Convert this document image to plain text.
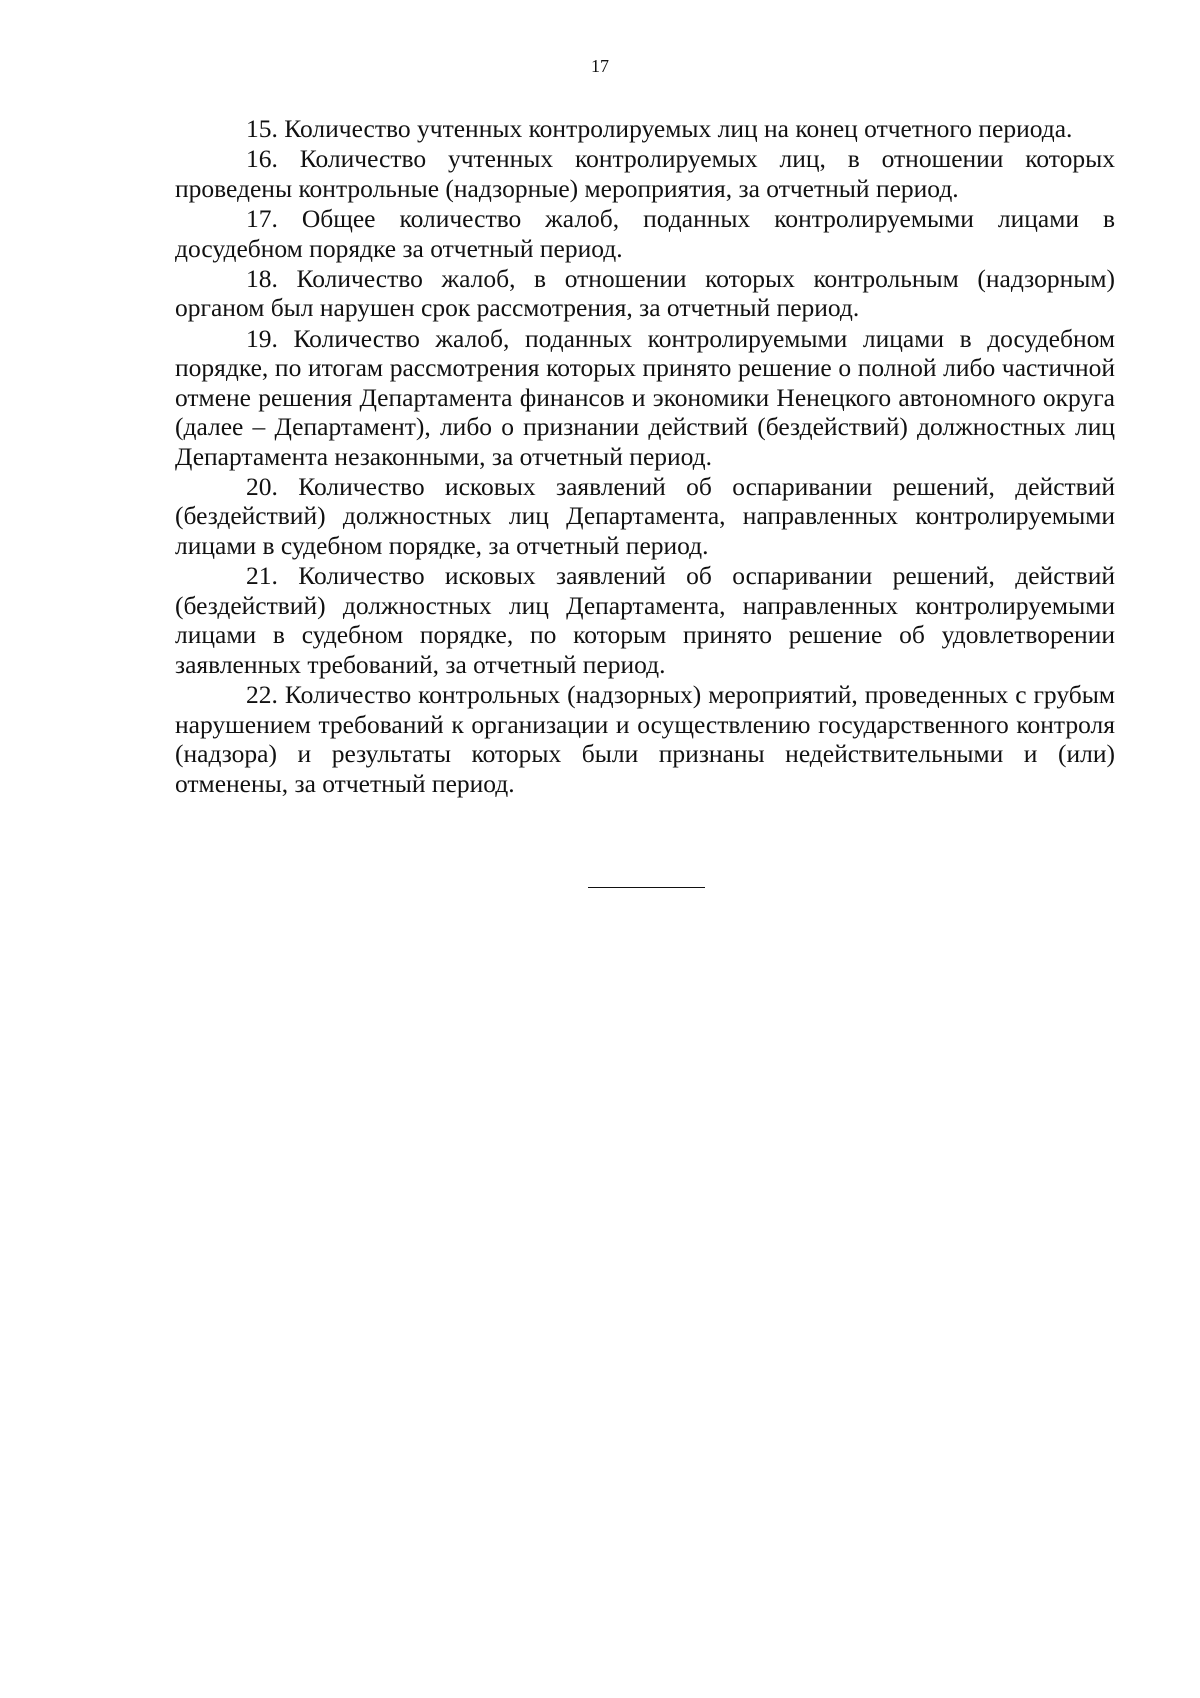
17

15. Количество учтенных контролируемых лиц на конец отчетного периода.

16. Количество учтенных контролируемых лиц, в отношении которых проведены контрольные (надзорные) мероприятия, за отчетный период.

17. Общее количество жалоб, поданных контролируемыми лицами в досудебном порядке за отчетный период.

18. Количество жалоб, в отношении которых контрольным (надзорным) органом был нарушен срок рассмотрения, за отчетный период.

19. Количество жалоб, поданных контролируемыми лицами в досудебном порядке, по итогам рассмотрения которых принято решение о полной либо частичной отмене решения Департамента финансов и экономики Ненецкого автономного округа (далее – Департамент), либо о признании действий (бездействий) должностных лиц Департамента незаконными, за отчетный период.

20. Количество исковых заявлений об оспаривании решений, действий (бездействий) должностных лиц Департамента, направленных контролируемыми лицами в судебном порядке, за отчетный период.

21. Количество исковых заявлений об оспаривании решений, действий (бездействий) должностных лиц Департамента, направленных контролируемыми лицами в судебном порядке, по которым принято решение об удовлетворении заявленных требований, за отчетный период.

22. Количество контрольных (надзорных) мероприятий, проведенных с грубым нарушением требований к организации и осуществлению государственного контроля (надзора) и результаты которых были признаны недействительными и (или) отменены, за отчетный период.
